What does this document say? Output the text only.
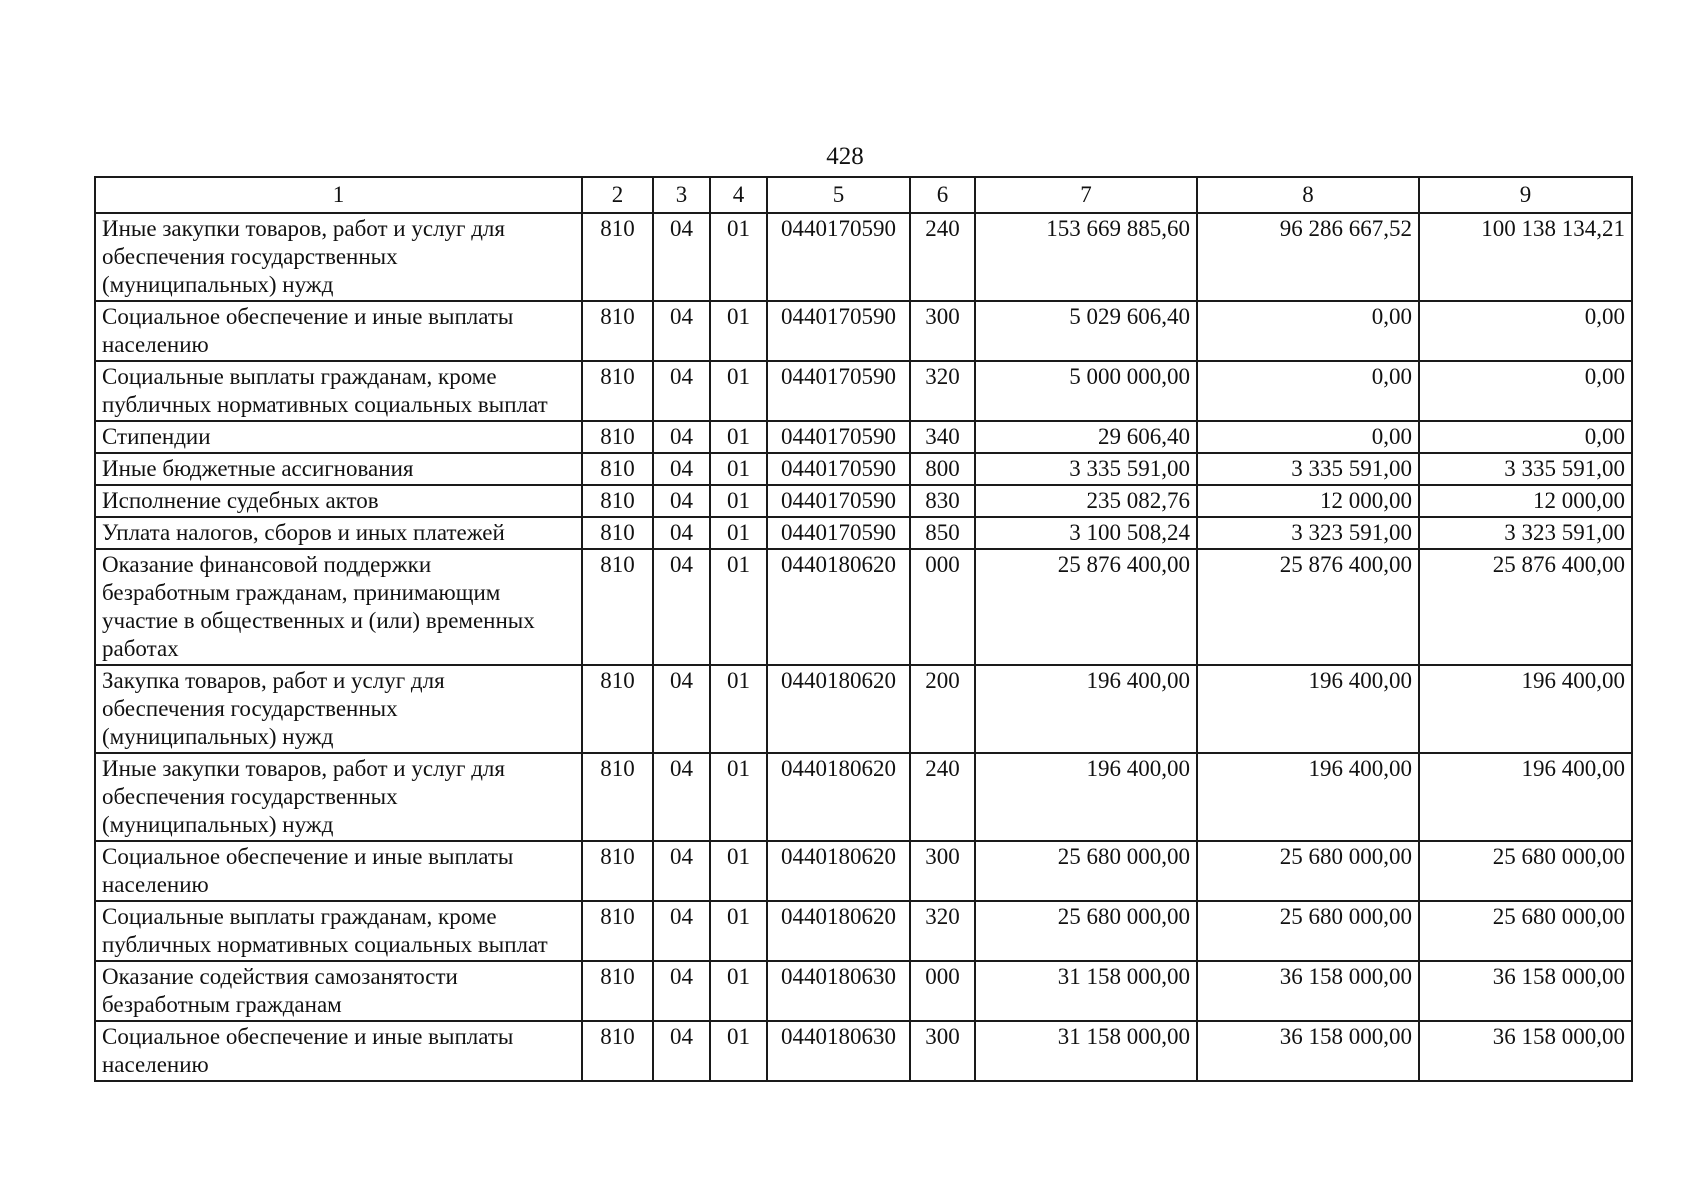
428
1	2	3	4	5	6	7	8	9

Иные закупки товаров, работ и услуг для
обеспечения государственных
(муниципальных) нужд	810	04	01	0440170590	240	153 669 885,60	96 286 667,52	100 138 134,21

Социальное обеспечение и иные выплаты
населению	810	04	01	0440170590	300	5 029 606,40	0,00	0,00

Социальные выплаты гражданам, кроме
публичных нормативных социальных выплат	810	04	01	0440170590	320	5 000 000,00	0,00	0,00

Стипендии	810	04	01	0440170590	340	29 606,40	0,00	0,00

Иные бюджетные ассигнования	810	04	01	0440170590	800	3 335 591,00	3 335 591,00	3 335 591,00

Исполнение судебных актов	810	04	01	0440170590	830	235 082,76	12 000,00	12 000,00

Уплата налогов, сборов и иных платежей	810	04	01	0440170590	850	3 100 508,24	3 323 591,00	3 323 591,00

Оказание финансовой поддержки
безработным гражданам, принимающим
участие в общественных и (или) временных
работах	810	04	01	0440180620	000	25 876 400,00	25 876 400,00	25 876 400,00

Закупка товаров, работ и услуг для
обеспечения государственных
(муниципальных) нужд	810	04	01	0440180620	200	196 400,00	196 400,00	196 400,00

Иные закупки товаров, работ и услуг для
обеспечения государственных
(муниципальных) нужд	810	04	01	0440180620	240	196 400,00	196 400,00	196 400,00

Социальное обеспечение и иные выплаты
населению	810	04	01	0440180620	300	25 680 000,00	25 680 000,00	25 680 000,00

Социальные выплаты гражданам, кроме
публичных нормативных социальных выплат	810	04	01	0440180620	320	25 680 000,00	25 680 000,00	25 680 000,00

Оказание содействия самозанятости
безработным гражданам	810	04	01	0440180630	000	31 158 000,00	36 158 000,00	36 158 000,00

Социальное обеспечение и иные выплаты
населению	810	04	01	0440180630	300	31 158 000,00	36 158 000,00	36 158 000,00
